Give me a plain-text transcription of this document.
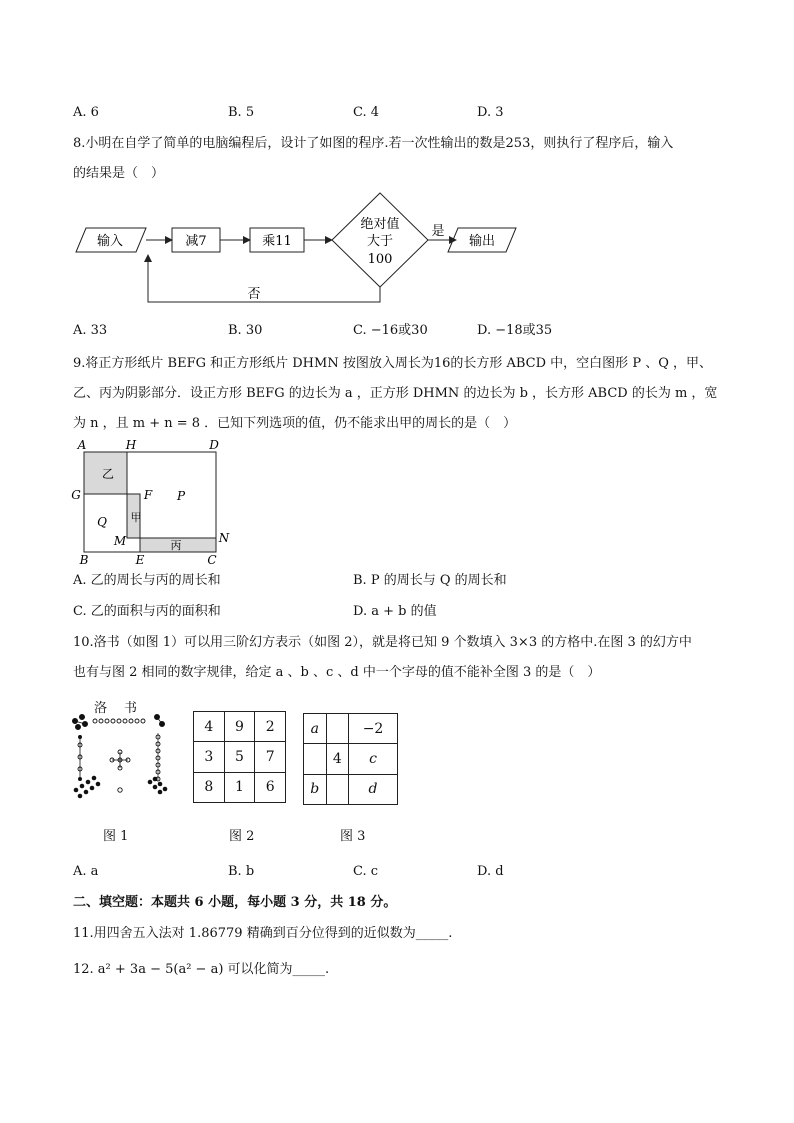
A. 6	B. 5	C. 4	D. 3
8.小明在自学了简单的电脑编程后，设计了如图的程序.若一次性输出的数是253，则执行了程序后，输入
的结果是（　）
输入	减7	乘11
绝对值
大于
100
是
输出
否
A. 33	B. 30	C. −16或30	D. −18或35
9.将正方形纸片 BEFG 和正方形纸片 DHMN 按图放入周长为16的长方形 ABCD 中，空白图形 P 、Q ，甲、
乙、丙为阴影部分．设正方形 BEFG 的边长为 a ，正方形 DHMN 的边长为 b ，长方形 ABCD 的长为 m ，宽
为 n ，且 m + n = 8 ．已知下列选项的值，仍不能求出甲的周长的是（　）
A	H	D
G	F P
Q
乙
甲
丙
M	N
B	E	C
A. 乙的周长与丙的周长和	B. P 的周长与 Q 的周长和
C. 乙的面积与丙的面积和	D. a + b 的值
10.洛书（如图 1）可以用三阶幻方表示（如图 2），就是将已知 9 个数填入 3×3 的方格中.在图 3 的幻方中
也有与图 2 相同的数字规律，给定 a 、b 、c 、d 中一个字母的值不能补全图 3 的是（　）
洛　书
4	9	2
3	5	7
8	1	6
a		−2
	4	c
b		d
图 1	图 2	图 3
A. a	B. b	C. c	D. d
二、填空题：本题共 6 小题，每小题 3 分，共 18 分。
11.用四舍五入法对 1.86779 精确到百分位得到的近似数为_____.
12. a² + 3a − 5(a² − a) 可以化简为_____.
